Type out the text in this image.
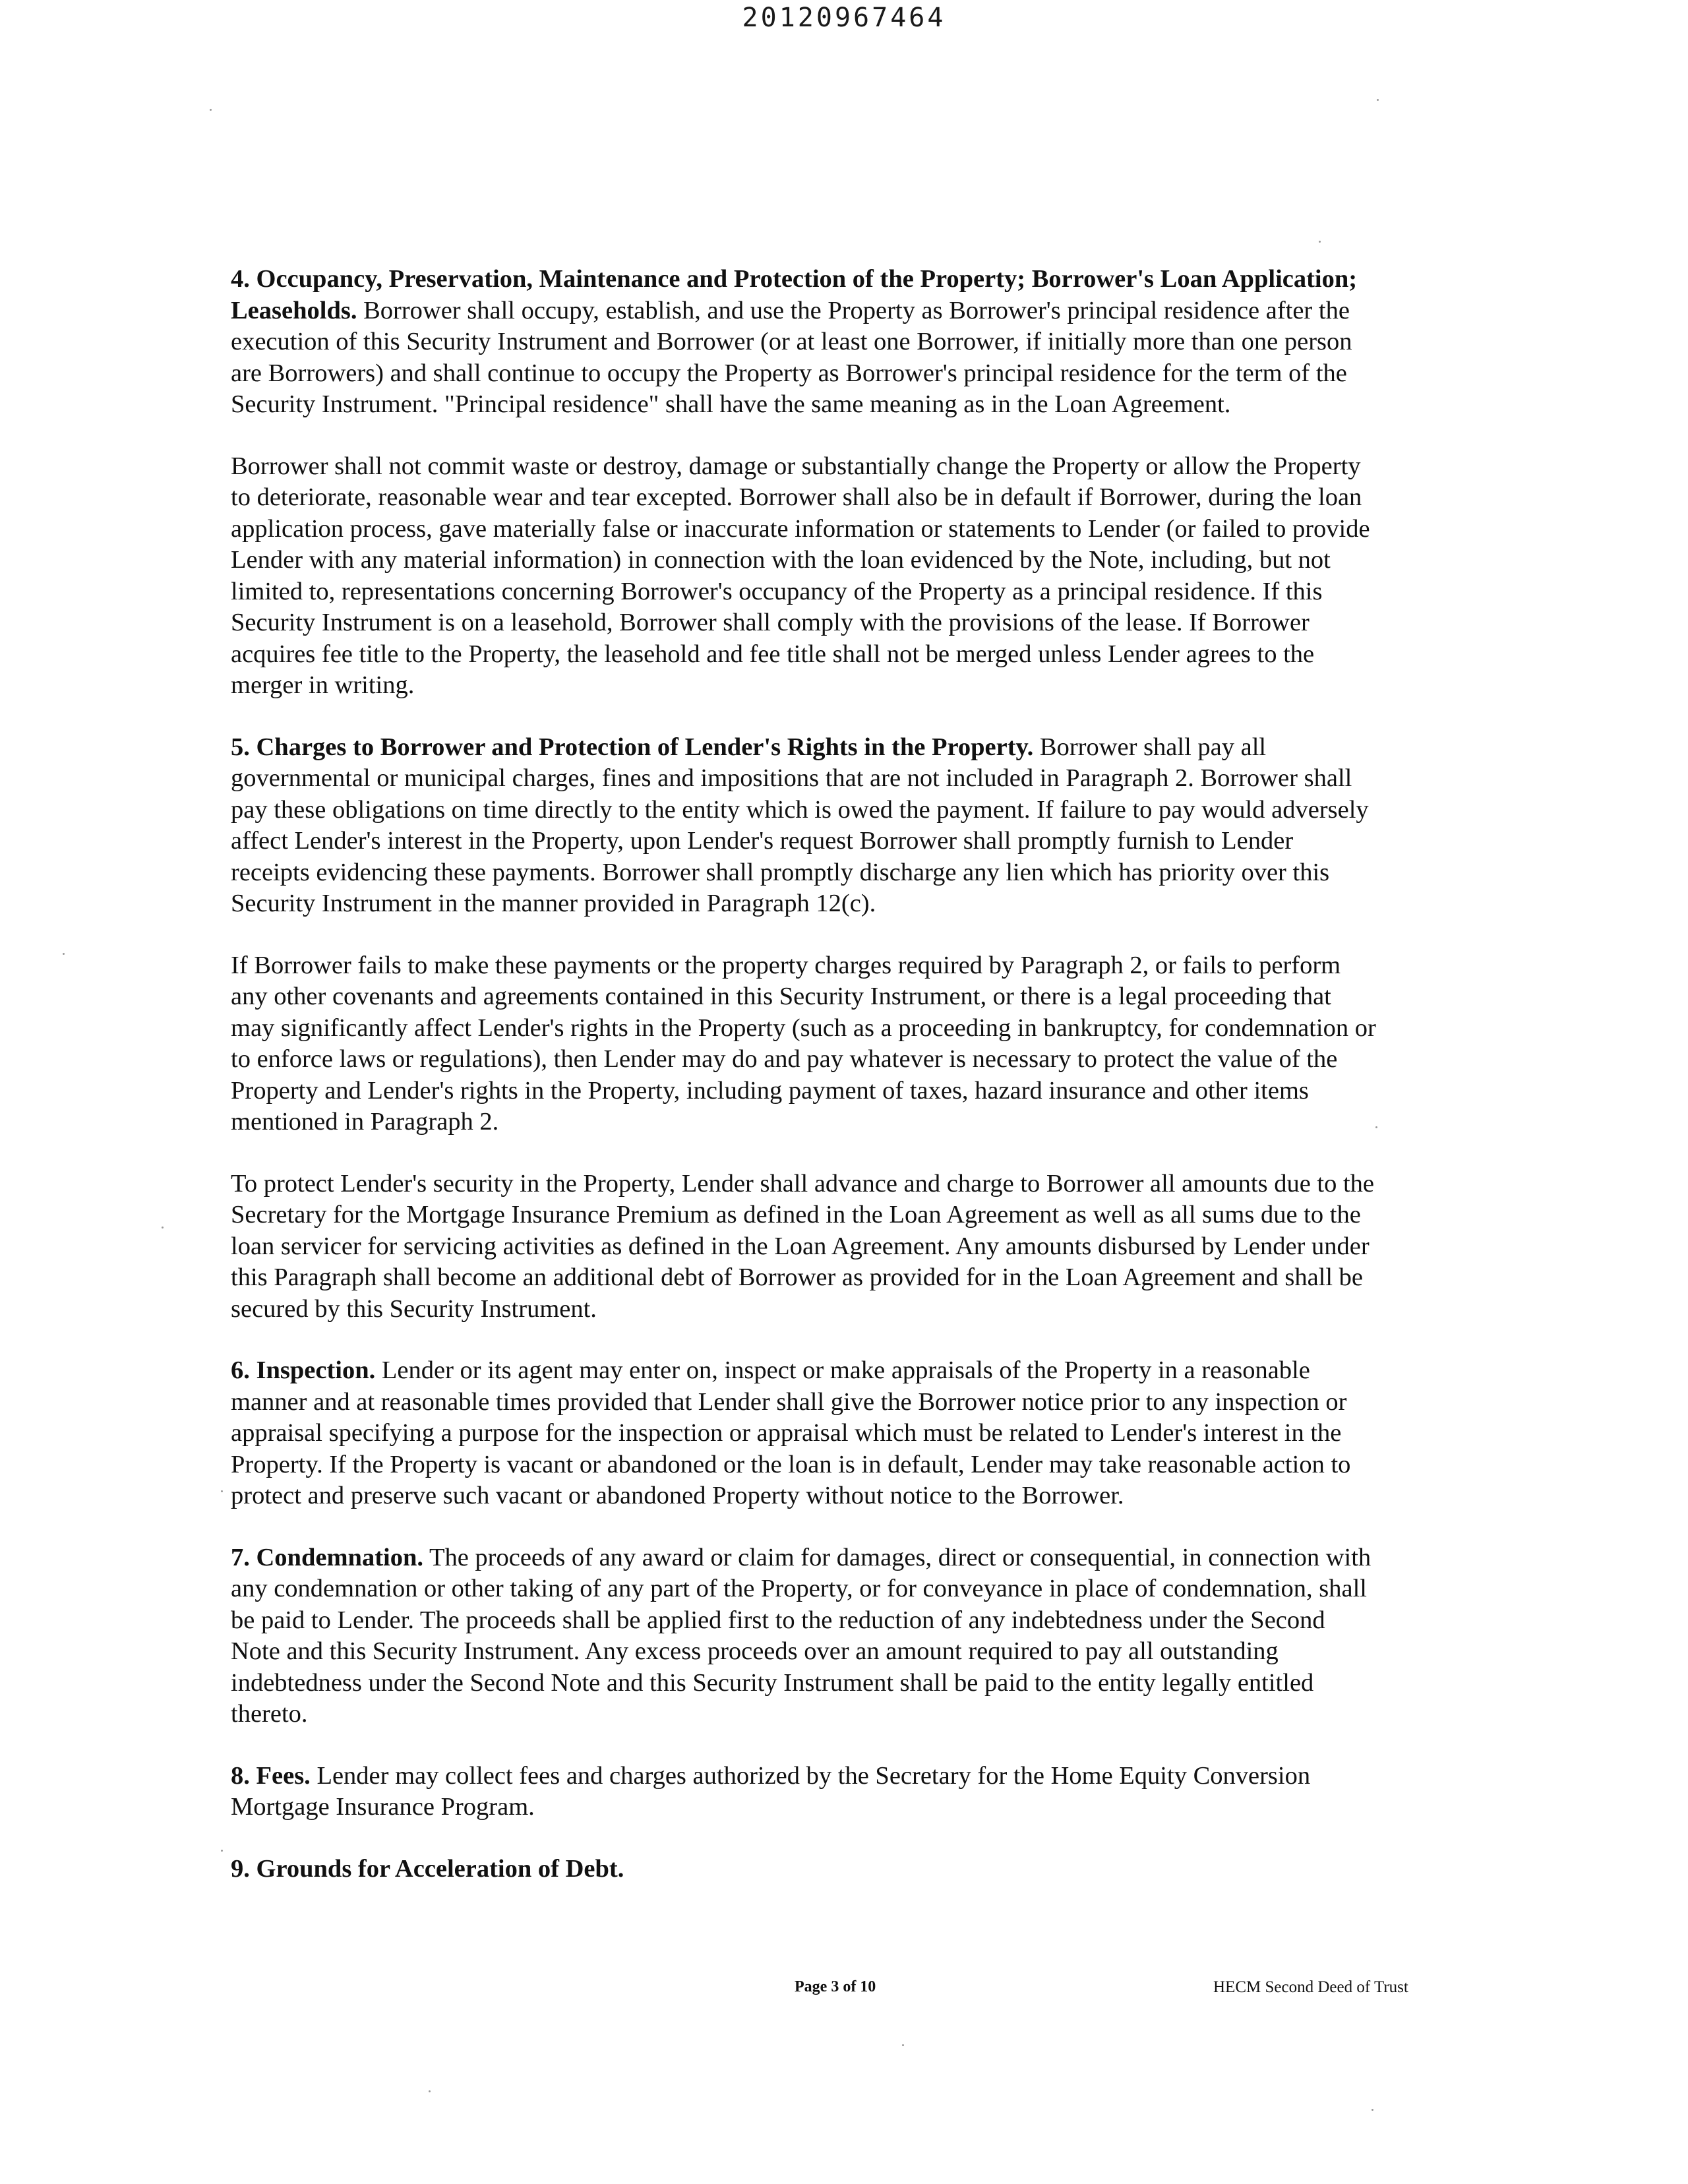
20120967464

4. Occupancy, Preservation, Maintenance and Protection of the Property; Borrower's Loan Application; Leaseholds. Borrower shall occupy, establish, and use the Property as Borrower's principal residence after the execution of this Security Instrument and Borrower (or at least one Borrower, if initially more than one person are Borrowers) and shall continue to occupy the Property as Borrower's principal residence for the term of the Security Instrument. "Principal residence" shall have the same meaning as in the Loan Agreement.

Borrower shall not commit waste or destroy, damage or substantially change the Property or allow the Property to deteriorate, reasonable wear and tear excepted. Borrower shall also be in default if Borrower, during the loan application process, gave materially false or inaccurate information or statements to Lender (or failed to provide Lender with any material information) in connection with the loan evidenced by the Note, including, but not limited to, representations concerning Borrower's occupancy of the Property as a principal residence. If this Security Instrument is on a leasehold, Borrower shall comply with the provisions of the lease. If Borrower acquires fee title to the Property, the leasehold and fee title shall not be merged unless Lender agrees to the merger in writing.

5. Charges to Borrower and Protection of Lender's Rights in the Property. Borrower shall pay all governmental or municipal charges, fines and impositions that are not included in Paragraph 2. Borrower shall pay these obligations on time directly to the entity which is owed the payment. If failure to pay would adversely affect Lender's interest in the Property, upon Lender's request Borrower shall promptly furnish to Lender receipts evidencing these payments. Borrower shall promptly discharge any lien which has priority over this Security Instrument in the manner provided in Paragraph 12(c).

If Borrower fails to make these payments or the property charges required by Paragraph 2, or fails to perform any other covenants and agreements contained in this Security Instrument, or there is a legal proceeding that may significantly affect Lender's rights in the Property (such as a proceeding in bankruptcy, for condemnation or to enforce laws or regulations), then Lender may do and pay whatever is necessary to protect the value of the Property and Lender's rights in the Property, including payment of taxes, hazard insurance and other items mentioned in Paragraph 2.

To protect Lender's security in the Property, Lender shall advance and charge to Borrower all amounts due to the Secretary for the Mortgage Insurance Premium as defined in the Loan Agreement as well as all sums due to the loan servicer for servicing activities as defined in the Loan Agreement. Any amounts disbursed by Lender under this Paragraph shall become an additional debt of Borrower as provided for in the Loan Agreement and shall be secured by this Security Instrument.

6. Inspection. Lender or its agent may enter on, inspect or make appraisals of the Property in a reasonable manner and at reasonable times provided that Lender shall give the Borrower notice prior to any inspection or appraisal specifying a purpose for the inspection or appraisal which must be related to Lender's interest in the Property. If the Property is vacant or abandoned or the loan is in default, Lender may take reasonable action to protect and preserve such vacant or abandoned Property without notice to the Borrower.

7. Condemnation. The proceeds of any award or claim for damages, direct or consequential, in connection with any condemnation or other taking of any part of the Property, or for conveyance in place of condemnation, shall be paid to Lender. The proceeds shall be applied first to the reduction of any indebtedness under the Second Note and this Security Instrument. Any excess proceeds over an amount required to pay all outstanding indebtedness under the Second Note and this Security Instrument shall be paid to the entity legally entitled thereto.

8. Fees. Lender may collect fees and charges authorized by the Secretary for the Home Equity Conversion Mortgage Insurance Program.

9. Grounds for Acceleration of Debt.

Page 3 of 10	HECM Second Deed of Trust
